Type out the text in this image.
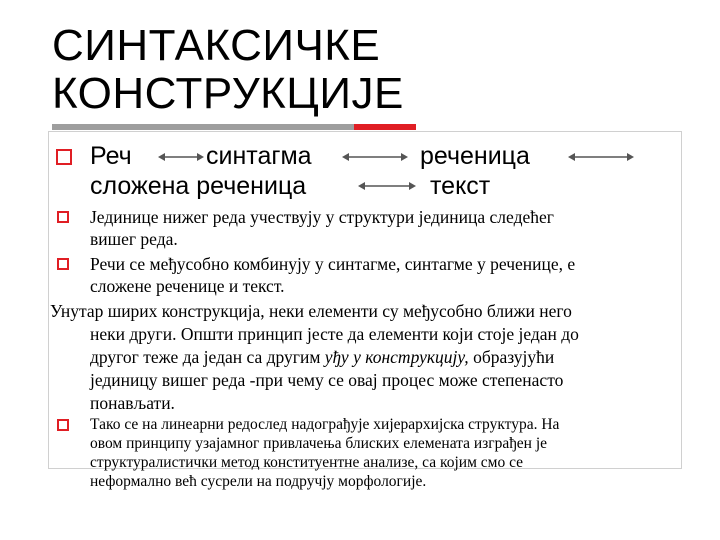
СИНТАКСИЧКЕ
КОНСТРУКЦИЈЕ
Реч	синтагма	реченица
сложена реченица	текст
Јединице нижег реда учествују у структури јединица следећег
вишег реда.
Речи се међусобно комбинују у синтагме, синтагме у реченице, е
сложене реченице и текст.
Унутар ширих конструкција, неки елементи су међусобно ближи него
неки други. Општи принцип јесте да елементи који стоје један до
другог теже да један са другим уђу у конструкцију, образујући
јединицу вишег реда -при чему се овај процес може степенасто
понављати.
Тако се на линеарни редослед надограђује хијерархијска структура. На
овом принципу узајамног привлачења блиских елемената изграђен је
структуралистички метод конституентне анализе, са којим смо се
неформално већ сусрели на подручју морфологије.
